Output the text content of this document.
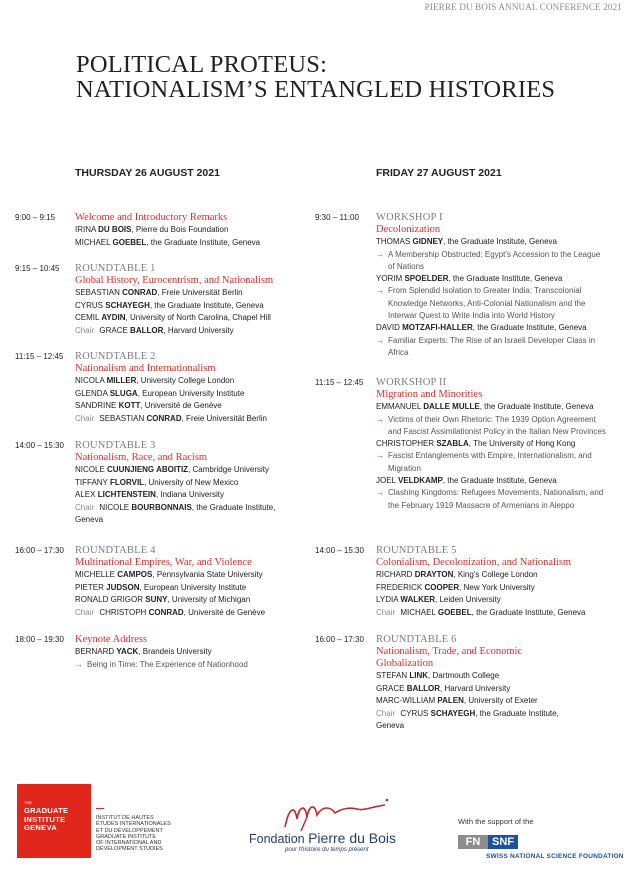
PIERRE DU BOIS ANNUAL CONFERENCE 2021
POLITICAL PROTEUS:
NATIONALISM’S ENTANGLED HISTORIES
THURSDAY 26 AUGUST 2021	FRIDAY 27 AUGUST 2021
9:00 – 9:15 Welcome and Introductory Remarks
IRINA DU BOIS, Pierre du Bois Foundation
MICHAEL GOEBEL, the Graduate Institute, Geneva
9:15 – 10:45 ROUNDTABLE 1
Global History, Eurocentrism, and Nationalism
SEBASTIAN CONRAD, Freie Universität Berlin
CYRUS SCHAYEGH, the Graduate Institute, Geneva
CEMIL AYDIN, University of North Carolina, Chapel Hill
Chair GRACE BALLOR, Harvard University
11:15 – 12:45 ROUNDTABLE 2
Nationalism and Internationalism
NICOLA MILLER, University College London
GLENDA SLUGA, European University Institute
SANDRINE KOTT, Université de Genève
Chair SEBASTIAN CONRAD, Freie Universität Berlin
14:00 – 15:30 ROUNDTABLE 3
Nationalism, Race, and Racism
NICOLE CUUNJIENG ABOITIZ, Cambridge University
TIFFANY FLORVIL, University of New Mexico
ALEX LICHTENSTEIN, Indiana University
Chair NICOLE BOURBONNAIS, the Graduate Institute, Geneva
16:00 – 17:30 ROUNDTABLE 4
Multinational Empires, War, and Violence
MICHELLE CAMPOS, Pennsylvania State University
PIETER JUDSON, European University Institute
RONALD GRIGOR SUNY, University of Michigan
Chair CHRISTOPH CONRAD, Université de Genève
18:00 – 19:30 Keynote Address
BERNARD YACK, Brandeis University
→ Being in Time: The Experience of Nationhood
9:30 – 11:00 WORKSHOP I
Decolonization
THOMAS GIDNEY, the Graduate Institute, Geneva
→ A Membership Obstructed: Egypt's Accession to the League of Nations
YORIM SPOELDER, the Graduate Institute, Geneva
→ From Splendid Isolation to Greater India: Transcolonial Knowledge Networks, Anti-Colonial Nationalism and the Interwar Quest to Write India into World History
DAVID MOTZAFI-HALLER, the Graduate Institute, Geneva
→ Familiar Experts: The Rise of an Israeli Developer Class in Africa
11:15 – 12:45 WORKSHOP II
Migration and Minorities
EMMANUEL DALLE MULLE, the Graduate Institute, Geneva
→ Victims of their Own Rhetoric: The 1939 Option Agreement and Fascist Assimilationist Policy in the Italian New Provinces
CHRISTOPHER SZABLA, The University of Hong Kong
→ Fascist Entanglements with Empire, Internationalism, and Migration
JOEL VELDKAMP, the Graduate Institute, Geneva
→ Clashing Kingdoms: Refugees Movements, Nationalism, and the February 1919 Massacre of Armenians in Aleppo
14:00 – 15:30 ROUNDTABLE 5
Colonialism, Decolonization, and Nationalism
RICHARD DRAYTON, King's College London
FREDERICK COOPER, New York University
LYDIA WALKER, Leiden University
Chair MICHAEL GOEBEL, the Graduate Institute, Geneva
16:00 – 17:30 ROUNDTABLE 6
Nationalism, Trade, and Economic Globalization
STEFAN LINK, Dartmouth College
GRACE BALLOR, Harvard University
MARC-WILLIAM PALEN, University of Exeter
Chair CYRUS SCHAYEGH, the Graduate Institute, Geneva
THE
GRADUATE
INSTITUTE
GENEVA
INSTITUT DE HAUTES
ÉTUDES INTERNATIONALES
ET DU DÉVELOPPEMENT
GRADUATE INSTITUTE
OF INTERNATIONAL AND
DEVELOPMENT STUDIES
Fondation Pierre du Bois
pour l'histoire du temps présent
With the support of the
FN	SNF
SWISS NATIONAL SCIENCE FOUNDATION
